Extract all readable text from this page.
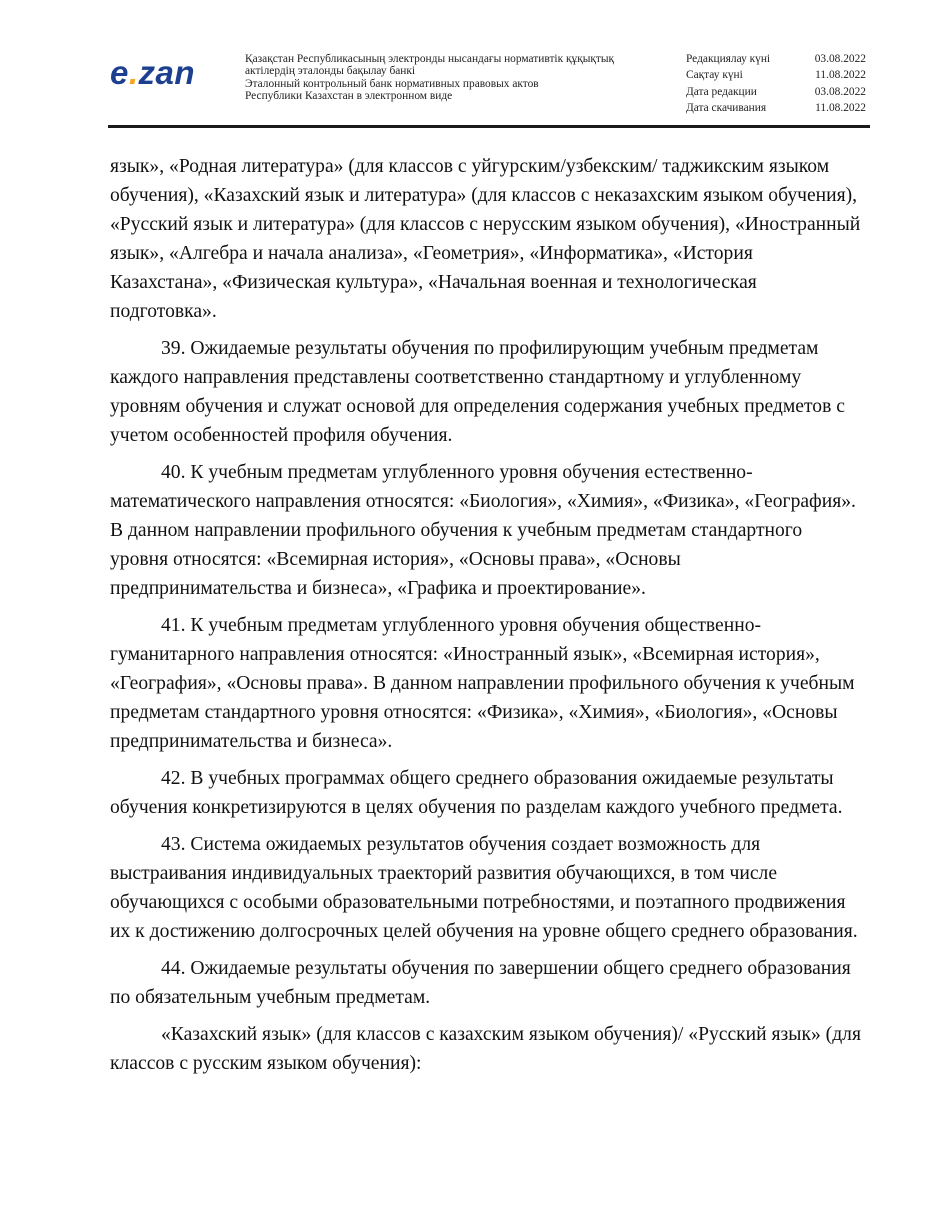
e.zan	Қазақстан Республикасының электронды нысандағы нормативтік құқықтық
актілердің эталонды бақылау банкі
Эталонный контрольный банк нормативных правовых актов
Республики Казахстан в электронном виде
Редакциялау күні	03.08.2022
Сақтау күні	11.08.2022
Дата редакции	03.08.2022
Дата скачивания	11.08.2022

язык», «Родная литература» (для классов с уйгурским/узбекским/ таджикским языком обучения), «Казахский язык и литература» (для классов с неказахским языком обучения), «Русский язык и литература» (для классов с нерусским языком обучения), «Иностранный язык», «Алгебра и начала анализа», «Геометрия», «Информатика», «История Казахстана», «Физическая культура», «Начальная военная и технологическая подготовка».

39. Ожидаемые результаты обучения по профилирующим учебным предметам каждого направления представлены соответственно стандартному и углубленному уровням обучения и служат основой для определения содержания учебных предметов с учетом особенностей профиля обучения.

40. К учебным предметам углубленного уровня обучения естественно-математического направления относятся: «Биология», «Химия», «Физика», «География». В данном направлении профильного обучения к учебным предметам стандартного уровня относятся: «Всемирная история», «Основы права», «Основы предпринимательства и бизнеса», «Графика и проектирование».

41. К учебным предметам углубленного уровня обучения общественно-гуманитарного направления относятся: «Иностранный язык», «Всемирная история», «География», «Основы права». В данном направлении профильного обучения к учебным предметам стандартного уровня относятся: «Физика», «Химия», «Биология», «Основы предпринимательства и бизнеса».

42. В учебных программах общего среднего образования ожидаемые результаты обучения конкретизируются в целях обучения по разделам каждого учебного предмета.

43. Система ожидаемых результатов обучения создает возможность для выстраивания индивидуальных траекторий развития обучающихся, в том числе обучающихся с особыми образовательными потребностями, и поэтапного продвижения их к достижению долгосрочных целей обучения на уровне общего среднего образования.

44. Ожидаемые результаты обучения по завершении общего среднего образования по обязательным учебным предметам.

«Казахский язык» (для классов с казахским языком обучения)/ «Русский язык» (для классов с русским языком обучения):
